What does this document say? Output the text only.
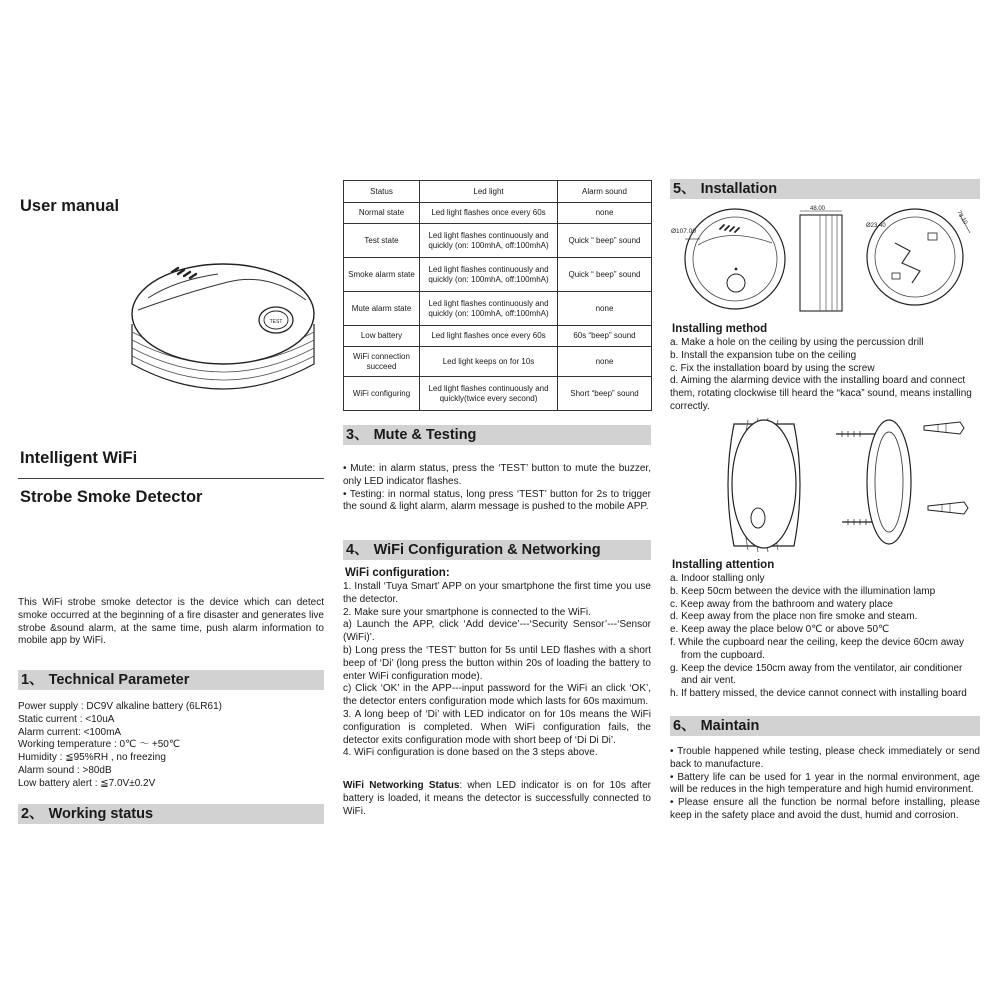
User manual
TEST
Intelligent WiFi
Strobe Smoke Detector
This WiFi strobe smoke detector is the device which can detect smoke occurred at the beginning of a fire disaster and generates live strobe &sound alarm, at the same time, push alarm information to mobile app by WiFi.
1、 Technical Parameter
Power supply : DC9V alkaline battery (6LR61)
Static current : <10uA
Alarm current: <100mA
Working temperature : 0℃ ～ +50℃
Humidity : ≦95%RH , no freezing
Alarm sound : >80dB
Low battery alert : ≦7.0V±0.2V
2、 Working status
Status	Led light	Alarm sound
Normal state	Led light flashes once every 60s	none
Test state	Led light flashes continuously and quickly (on: 100mhA, off:100mhA)	Quick “ beep” sound
Smoke alarm state	Led light flashes continuously and quickly (on: 100mhA, off:100mhA)	Quick “ beep” sound
Mute alarm state	Led light flashes continuously and quickly (on: 100mhA, off:100mhA)	none
Low battery	Led light flashes once every 60s	60s “beep” sound
WiFi connection succeed	Led light keeps on for 10s	none
WiFi configuring	Led light flashes continuously and quickly(twice every second)	Short “beep” sound
3、 Mute & Testing
• Mute: in alarm status, press the ‘TEST’ button to mute the buzzer, only LED indicator flashes.
• Testing: in normal status, long press ‘TEST’ button for 2s to trigger the sound & light alarm, alarm message is pushed to the mobile APP.
4、 WiFi Configuration & Networking
WiFi configuration:
1. Install ‘Tuya Smart’ APP on your smartphone the first time you use the detector.
2. Make sure your smartphone is connected to the WiFi.
a) Launch the APP, click ‘Add device’---‘Security Sensor’---‘Sensor (WiFi)’.
b) Long press the ‘TEST’ button for 5s until LED flashes with a short beep of ‘Di’ (long press the button within 20s of loading the battery to enter WiFi configuration mode).
c) Click ‘OK’ in the APP---input password for the WiFi an click ‘OK’, the detector enters configuration mode which lasts for 60s maximum.
3. A long beep of ‘Di’ with LED indicator on for 10s means the WiFi configuration is completed. When WiFi configuration fails, the detector exits configuration mode with short beep of ‘Di Di Di’.
4. WiFi configuration is done based on the 3 steps above.
WiFi Networking Status: when LED indicator is on for 10s after battery is loaded, it means the detector is successfully connected to WiFi.
5、 Installation
Ø107.00
48.00
Ø23.40
78.10
Installing method
a. Make a hole on the ceiling by using the percussion drill
b. Install the expansion tube on the ceiling
c. Fix the installation board by using the screw
d. Aiming the alarming device with the installing board and connect them, rotating clockwise till heard the “kaca” sound, means installing correctly.
Installing attention
a. Indoor stalling only
b. Keep 50cm between the device with the illumination lamp
c. Keep away from the bathroom and watery place
d. Keep away from the place non fire smoke and steam.
e. Keep away the place below 0℃ or above 50℃
f. While the cupboard near the ceiling, keep the device 60cm away from the cupboard.
g. Keep the device 150cm away from the ventilator, air conditioner and air vent.
h. If battery missed, the device cannot connect with installing board
6、 Maintain
• Trouble happened while testing, please check immediately or send back to manufacture.
• Battery life can be used for 1 year in the normal environment, age will be reduces in the high temperature and high humid environment.
• Please ensure all the function be normal before installing, please keep in the safety place and avoid the dust, humid and corrosion.
